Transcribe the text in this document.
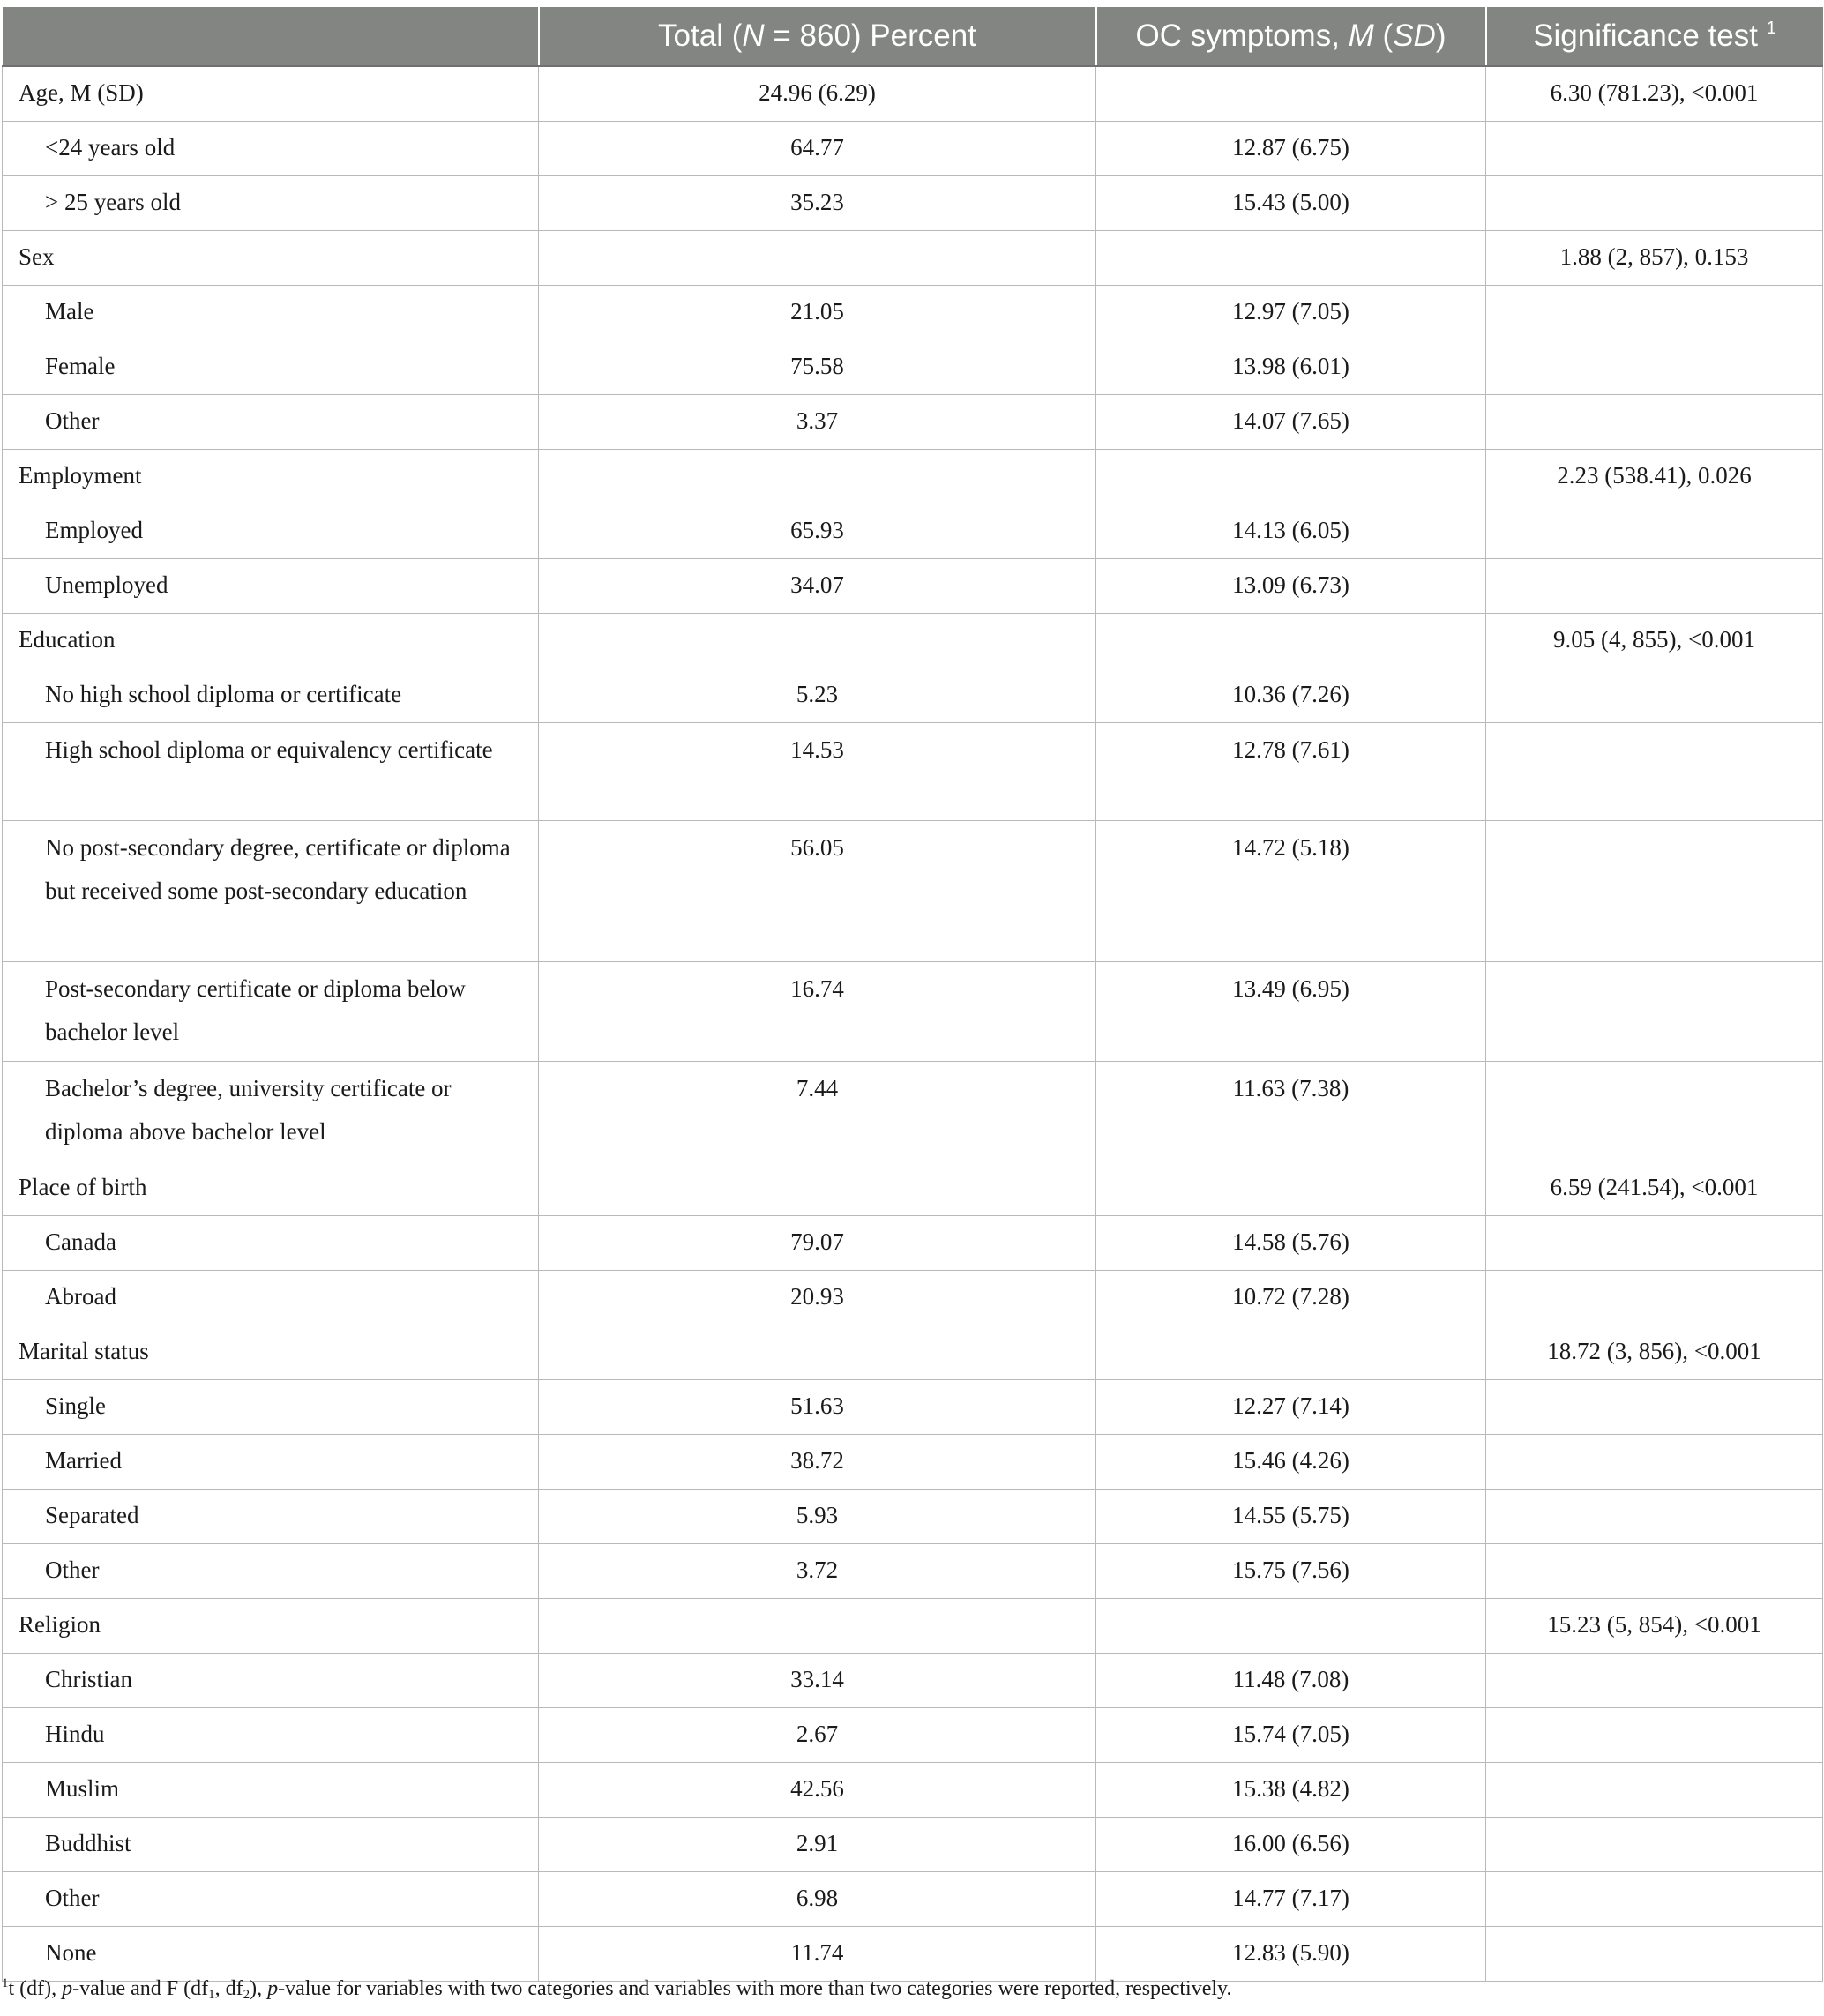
	Total (N = 860) Percent	OC symptoms, M (SD)	Significance test $^1$
Age, M (SD)	24.96 (6.29)		6.30 (781.23), <0.001
<24 years old	64.77	12.87 (6.75)	
> 25 years old	35.23	15.43 (5.00)	
Sex			1.88 (2, 857), 0.153
Male	21.05	12.97 (7.05)	
Female	75.58	13.98 (6.01)	
Other	3.37	14.07 (7.65)	
Employment			2.23 (538.41), 0.026
Employed	65.93	14.13 (6.05)	
Unemployed	34.07	13.09 (6.73)	
Education			9.05 (4, 855), <0.001
No high school diploma or certificate	5.23	10.36 (7.26)	
High school diploma or equivalency certificate	14.53	12.78 (7.61)	
No post-secondary degree, certificate or diploma but received some post-secondary education	56.05	14.72 (5.18)	
Post-secondary certificate or diploma below bachelor level	16.74	13.49 (6.95)	
Bachelor’s degree, university certificate or diploma above bachelor level	7.44	11.63 (7.38)	
Place of birth			6.59 (241.54), <0.001
Canada	79.07	14.58 (5.76)	
Abroad	20.93	10.72 (7.28)	
Marital status			18.72 (3, 856), <0.001
Single	51.63	12.27 (7.14)	
Married	38.72	15.46 (4.26)	
Separated	5.93	14.55 (5.75)	
Other	3.72	15.75 (7.56)	
Religion			15.23 (5, 854), <0.001
Christian	33.14	11.48 (7.08)	
Hindu	2.67	15.74 (7.05)	
Muslim	42.56	15.38 (4.82)	
Buddhist	2.91	16.00 (6.56)	
Other	6.98	14.77 (7.17)	
None	11.74	12.83 (5.90)	
$^1$t (df), p-value and F ($df_1$, $df_2$), p-value for variables with two categories and variables with more than two categories were reported, respectively.
